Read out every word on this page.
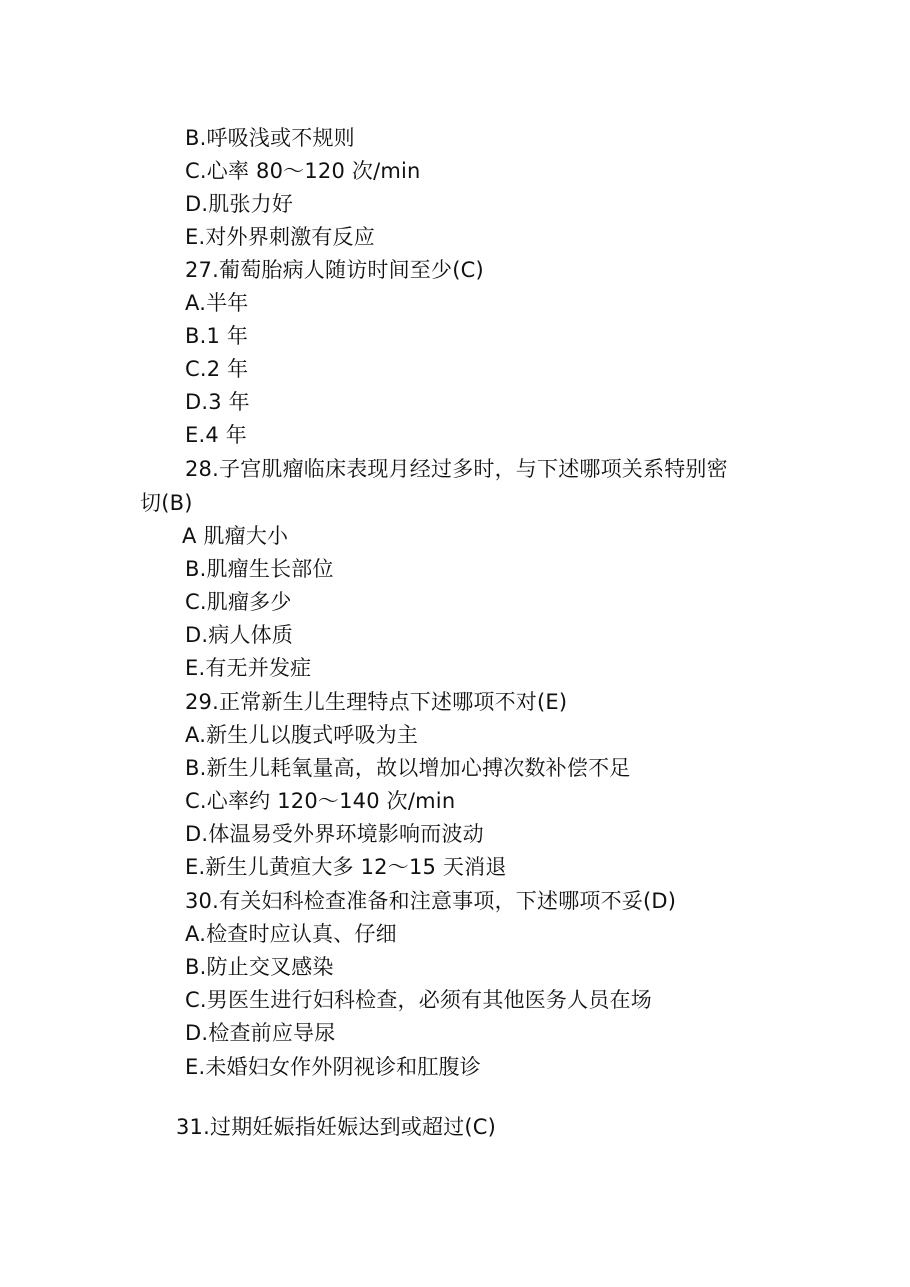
B.呼吸浅或不规则
C.心率 80～120 次/min
D.肌张力好
E.对外界刺激有反应
27.葡萄胎病人随访时间至少(C)
A.半年
B.1 年
C.2 年
D.3 年
E.4 年
28.子宫肌瘤临床表现月经过多时，与下述哪项关系特别密
切(B)
A 肌瘤大小
B.肌瘤生长部位
C.肌瘤多少
D.病人体质
E.有无并发症
29.正常新生儿生理特点下述哪项不对(E)
A.新生儿以腹式呼吸为主
B.新生儿耗氧量高，故以增加心搏次数补偿不足
C.心率约 120～140 次/min
D.体温易受外界环境影响而波动
E.新生儿黄疸大多 12～15 天消退
30.有关妇科检查准备和注意事项，下述哪项不妥(D)
A.检查时应认真、仔细
B.防止交叉感染
C.男医生进行妇科检查，必须有其他医务人员在场
D.检查前应导尿
E.未婚妇女作外阴视诊和肛腹诊
31.过期妊娠指妊娠达到或超过(C)
